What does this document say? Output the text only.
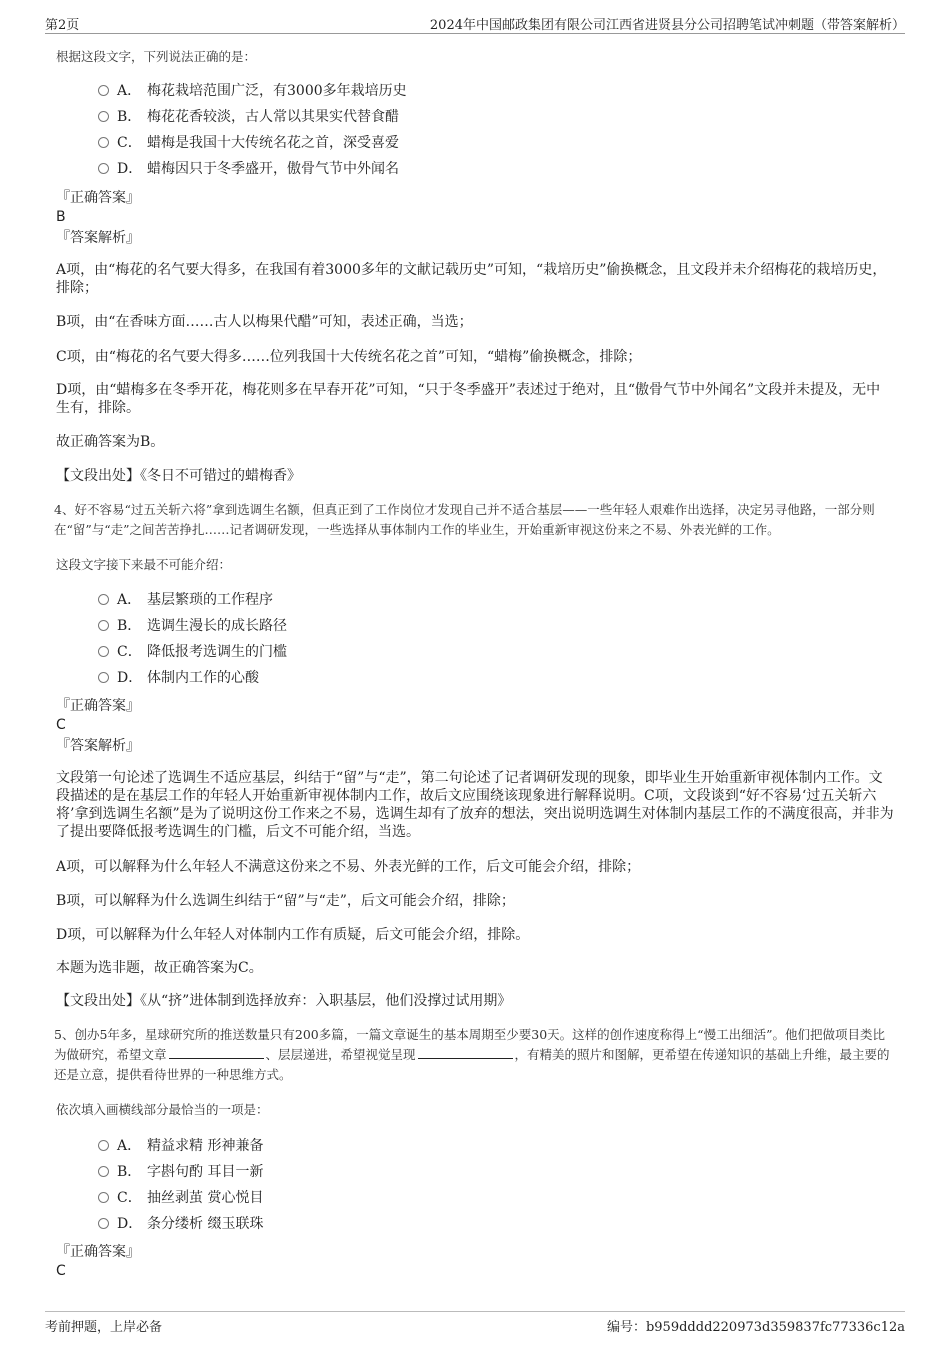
第2页	2024年中国邮政集团有限公司江西省进贤县分公司招聘笔试冲刺题（带答案解析）
根据这段文字，下列说法正确的是：
A． 梅花栽培范围广泛，有3000多年栽培历史
B． 梅花花香较淡，古人常以其果实代替食醋
C． 蜡梅是我国十大传统名花之首，深受喜爱
D． 蜡梅因只于冬季盛开，傲骨气节中外闻名
『正确答案』
B
『答案解析』
A项，由“梅花的名气要大得多，在我国有着3000多年的文献记载历史”可知，“栽培历史”偷换概念，且文段并未介绍梅花的栽培历史，排除；
B项，由“在香味方面……古人以梅果代醋”可知，表述正确，当选；
C项，由“梅花的名气要大得多……位列我国十大传统名花之首”可知，“蜡梅”偷换概念，排除；
D项，由“蜡梅多在冬季开花，梅花则多在早春开花”可知，“只于冬季盛开”表述过于绝对，且“傲骨气节中外闻名”文段并未提及，无中生有，排除。
故正确答案为B。
【文段出处】《冬日不可错过的蜡梅香》
4、好不容易“过五关斩六将”拿到选调生名额，但真正到了工作岗位才发现自己并不适合基层——一些年轻人艰难作出选择，决定另寻他路，一部分则在“留”与“走”之间苦苦挣扎……记者调研发现，一些选择从事体制内工作的毕业生，开始重新审视这份来之不易、外表光鲜的工作。
这段文字接下来最不可能介绍：
A． 基层繁琐的工作程序
B． 选调生漫长的成长路径
C． 降低报考选调生的门槛
D． 体制内工作的心酸
『正确答案』
C
『答案解析』
文段第一句论述了选调生不适应基层，纠结于“留”与“走”，第二句论述了记者调研发现的现象，即毕业生开始重新审视体制内工作。文段描述的是在基层工作的年轻人开始重新审视体制内工作，故后文应围绕该现象进行解释说明。C项，文段谈到“好不容易‘过五关斩六将’拿到选调生名额”是为了说明这份工作来之不易，选调生却有了放弃的想法，突出说明选调生对体制内基层工作的不满度很高，并非为了提出要降低报考选调生的门槛，后文不可能介绍，当选。
A项，可以解释为什么年轻人不满意这份来之不易、外表光鲜的工作，后文可能会介绍，排除；
B项，可以解释为什么选调生纠结于“留”与“走”，后文可能会介绍，排除；
D项，可以解释为什么年轻人对体制内工作有质疑，后文可能会介绍，排除。
本题为选非题，故正确答案为C。
【文段出处】《从“挤”进体制到选择放弃：入职基层，他们没撑过试用期》
5、创办5年多，星球研究所的推送数量只有200多篇，一篇文章诞生的基本周期至少要30天。这样的创作速度称得上“慢工出细活”。他们把做项目类比为做研究，希望文章	、层层递进，希望视觉呈现	，有精美的照片和图解，更希望在传递知识的基础上升维，最主要的还是立意，提供看待世界的一种思维方式。
依次填入画横线部分最恰当的一项是：
A． 精益求精 形神兼备
B． 字斟句酌 耳目一新
C． 抽丝剥茧 赏心悦目
D． 条分缕析 缀玉联珠
『正确答案』
C
考前押题，上岸必备	编号：b959dddd220973d359837fc77336c12a
